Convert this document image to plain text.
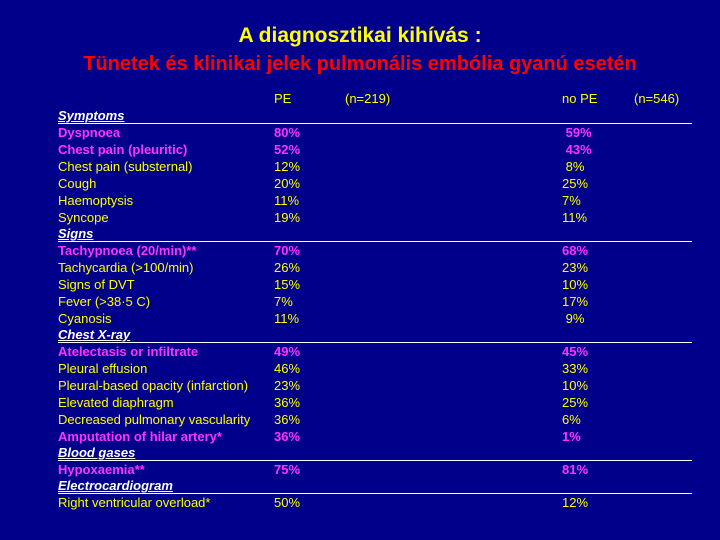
A diagnosztikai kihívás :
Tünetek és klinikai jelek pulmonális embólia gyanú esetén
PE	(n=219)	no PE	(n=546)
Symptoms
Dyspnoea	80%	59%
Chest pain (pleuritic)	52%	43%
Chest pain (substernal)	12%	8%
Cough	20%	25%
Haemoptysis	11%	7%
Syncope	19%	11%
Signs
Tachypnoea (20/min)**	70%	68%
Tachycardia (>100/min)	26%	23%
Signs of DVT	15%	10%
Fever (>38·5 C)	7%	17%
Cyanosis	11%	9%
Chest X-ray
Atelectasis or infiltrate	49%	45%
Pleural effusion	46%	33%
Pleural-based opacity (infarction) 23%	10%
Elevated diaphragm	36%	25%
Decreased pulmonary vascularity 36%	6%
Amputation of hilar artery*	36%	1%
Blood gases
Hypoxaemia**	75%	81%
Electrocardiogram
Right ventricular overload*	50%	12%
